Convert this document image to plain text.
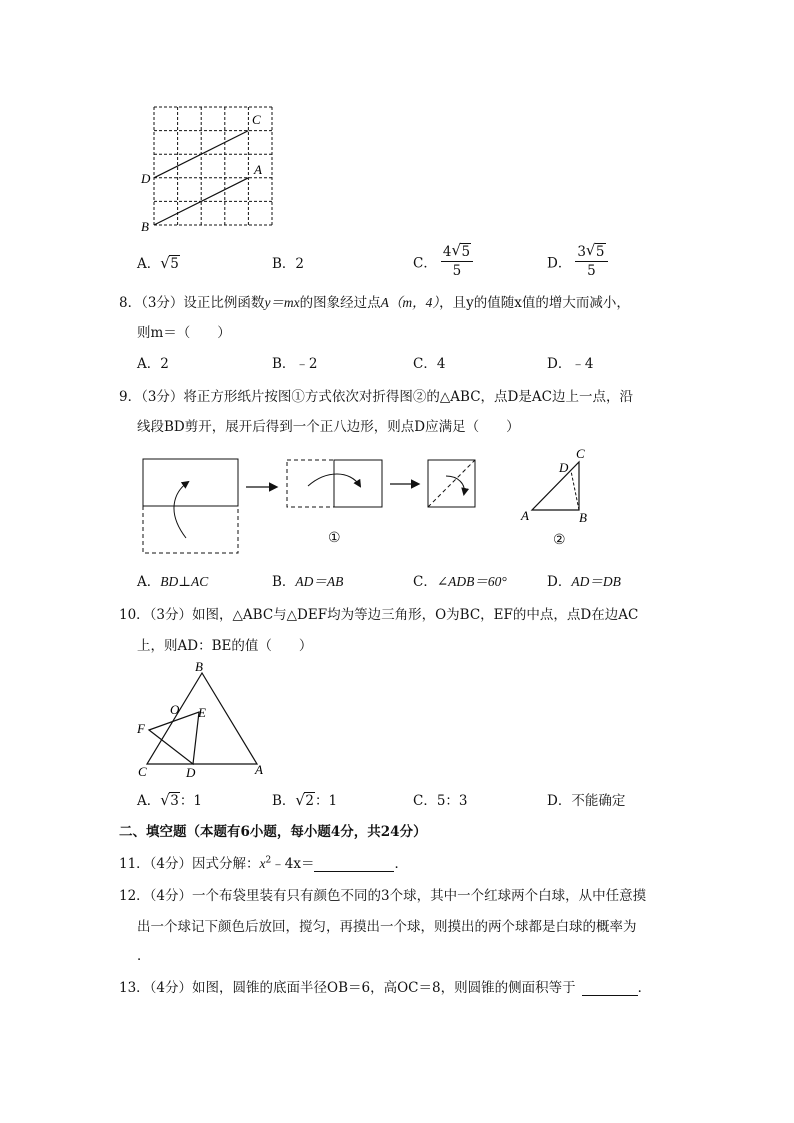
C
A
D
B
A． √ 5	B．2	C． $\frac{4 √ 5}{5}$	D． $\frac{3 √ 5}{5}$
8．（3分）设正比例函数y＝mx的图象经过点A（m，4），且y的值随x值的增大而减小，
则m＝（　　）
A．2	B．﹣2	C．4	D．﹣4
9．（3分）将正方形纸片按图①方式依次对折得图②的△ABC，点D是AC边上一点，沿
线段BD剪开，展开后得到一个正八边形，则点D应满足（　　）
①
C
D
A	B
②
A．BD⊥AC	B．AD＝AB	C．∠ADB＝60°	D．AD＝DB
10．（3分）如图，△ABC与△DEF均为等边三角形，O为BC，EF的中点，点D在边AC
上，则AD：BE的值（　　）
B
O E
F
C	D	A
A． √ 3：1	B． √ 2：1	C．5：3	D．不能确定
二、填空题（本题有6小题，每小题4分，共24分）
11．（4分）因式分解：$x^2﹣4x=$	．
12．（4分）一个布袋里装有只有颜色不同的3个球，其中一个红球两个白球，从中任意摸
出一个球记下颜色后放回，搅匀，再摸出一个球，则摸出的两个球都是白球的概率为
．
13．（4分）如图，圆锥的底面半径OB＝6，高OC＝8，则圆锥的侧面积等于	．
